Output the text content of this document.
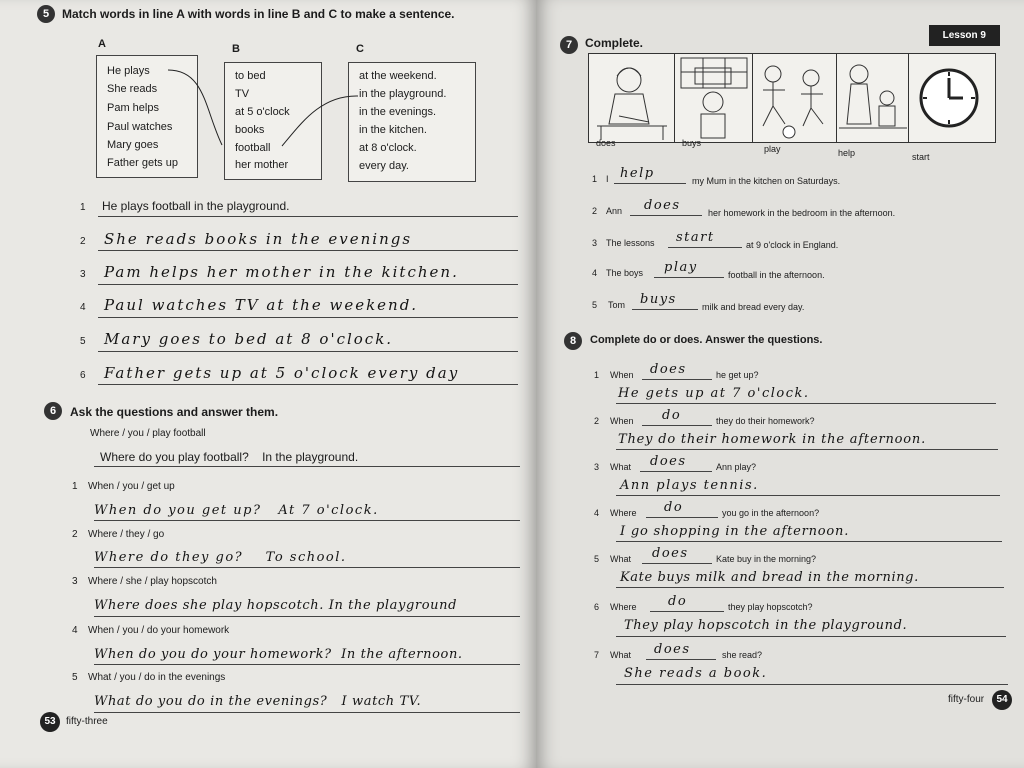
5	Match words in line A with words in line B and C to make a sentence.
A	B	C
He plays
She reads
Pam helps
Paul watches
Mary goes
Father gets up
to bed
TV
at 5 o'clock
books
football
her mother
at the weekend.
in the playground.
in the evenings.
in the kitchen.
at 8 o'clock.
every day.
1 He plays football in the playground.
2 She reads books in the evenings
3 Pam helps her mother in the kitchen.
4 Paul watches TV at the weekend.
5 Mary goes to bed at 8 o'clock.
6 Father gets up at 5 o'clock every day
6	Ask the questions and answer them.
Where / you / play football
Where do you play football?    In the playground.
1 When / you / get up
When do you get up?   At 7 o'clock.
2 Where / they / go
Where do they go?    To school.
3 Where / she / play hopscotch
Where does she play hopscotch. In the playground
4 When / you / do your homework
When do you do your homework?  In the afternoon.
5 What / you / do in the evenings
What do you do in the evenings?   I watch TV.
53	fifty-three
Lesson 9
7	Complete.
does	buys
play	help	start
1 I help	my Mum in the kitchen on Saturdays.
2 Ann does	her homework in the bedroom in the afternoon.
3 The lessons start	at 9 o'clock in England.
4 The boys play	football in the afternoon.
5 Tom buys	milk and bread every day.
8	Complete do or does. Answer the questions.
1 When does	he get up?
He gets up at 7 o'clock.
2 When do	they do their homework?
They do their homework in the afternoon.
3 What does	Ann play?
Ann plays tennis.
4 Where do	you go in the afternoon?
I go shopping in the afternoon.
5 What does	Kate buy in the morning?
Kate buys milk and bread in the morning.
6 Where do	they play hopscotch?
They play hopscotch in the playground.
7 What does	she read?
She reads a book.
fifty-four	54
